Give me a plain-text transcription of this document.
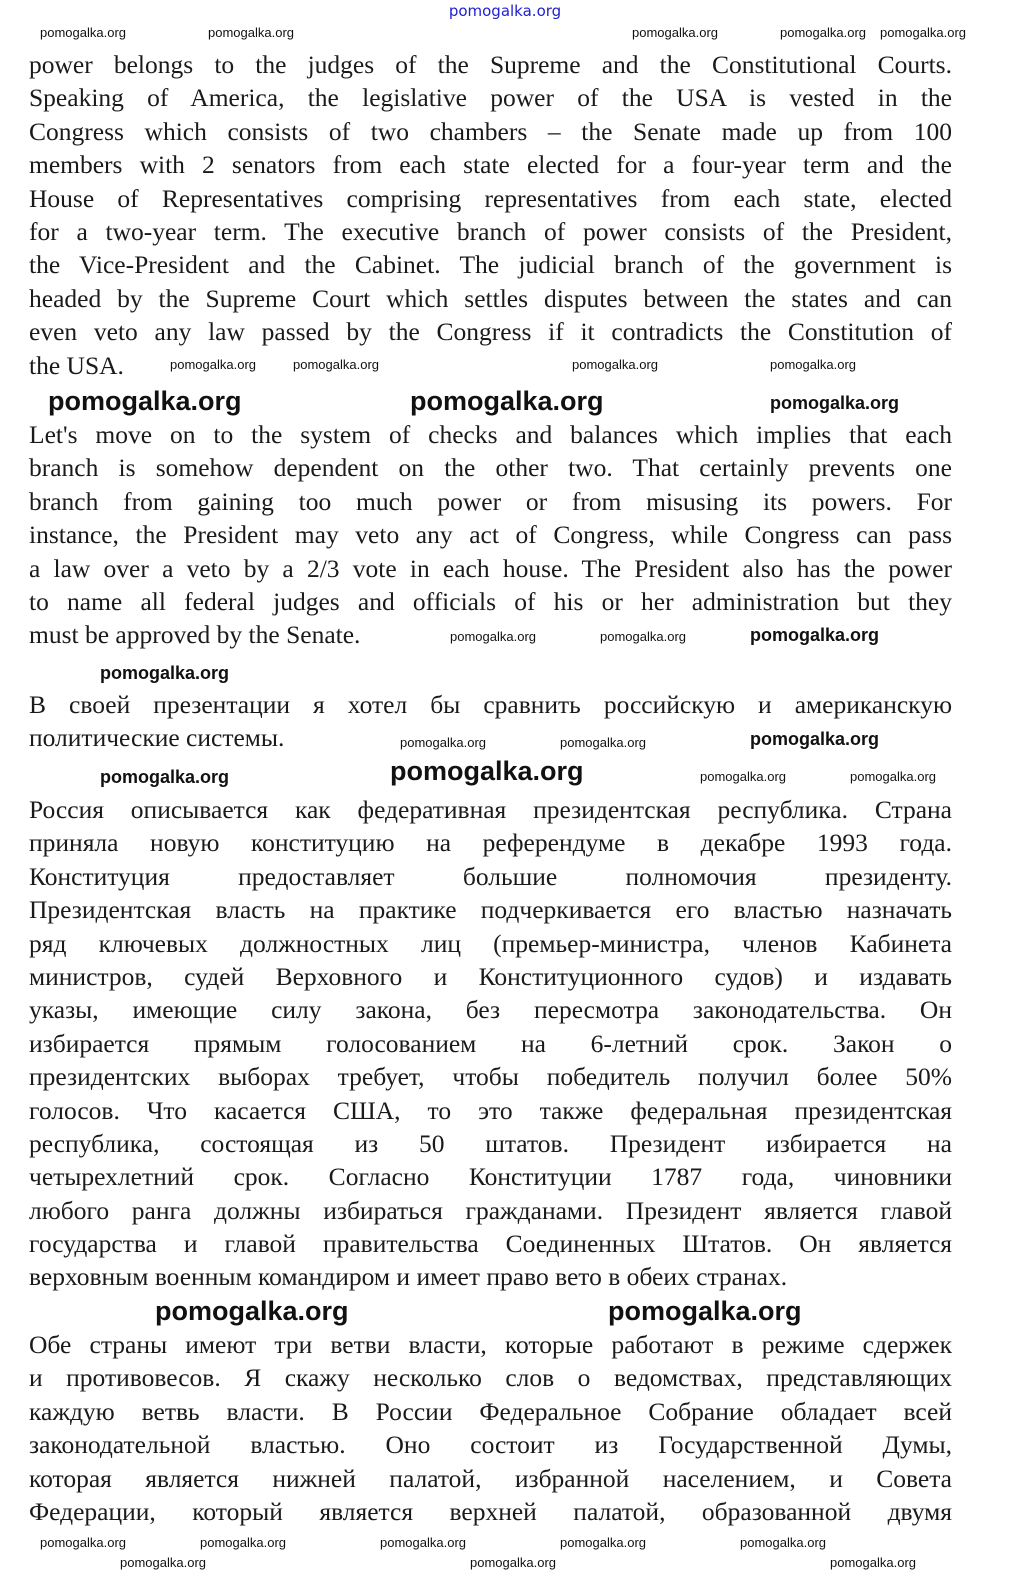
pomogalka.org
power belongs to the judges of the Supreme and the Constitutional Courts.
Speaking of America, the legislative power of the USA is vested in the
Congress which consists of two chambers – the Senate made up from 100
members with 2 senators from each state elected for a four-year term and the
House of Representatives comprising representatives from each state, elected
for a two-year term. The executive branch of power consists of the President,
the Vice-President and the Cabinet. The judicial branch of the government is
headed by the Supreme Court which settles disputes between the states and can
even veto any law passed by the Congress if it contradicts the Constitution of
the USA.
Let's move on to the system of checks and balances which implies that each
branch is somehow dependent on the other two. That certainly prevents one
branch from gaining too much power or from misusing its powers. For
instance, the President may veto any act of Congress, while Congress can pass
a law over a veto by a 2/3 vote in each house. The President also has the power
to name all federal judges and officials of his or her administration but they
must be approved by the Senate.
В своей презентации я хотел бы сравнить российскую и американскую
политические системы.
Россия описывается как федеративная президентская республика. Страна
приняла новую конституцию на референдуме в декабре 1993 года.
Конституция предоставляет большие полномочия президенту.
Президентская власть на практике подчеркивается его властью назначать
ряд ключевых должностных лиц (премьер-министра, членов Кабинета
министров, судей Верховного и Конституционного судов) и издавать
указы, имеющие силу закона, без пересмотра законодательства. Он
избирается прямым голосованием на 6-летний срок. Закон о
президентских выборах требует, чтобы победитель получил более 50%
голосов. Что касается США, то это также федеральная президентская
республика, состоящая из 50 штатов. Президент избирается на
четырехлетний срок. Согласно Конституции 1787 года, чиновники
любого ранга должны избираться гражданами. Президент является главой
государства и главой правительства Соединенных Штатов. Он является
верховным военным командиром и имеет право вето в обеих странах.
Обе страны имеют три ветви власти, которые работают в режиме сдержек
и противовесов. Я скажу несколько слов о ведомствах, представляющих
каждую ветвь власти. В России Федеральное Собрание обладает всей
законодательной властью. Оно состоит из Государственной Думы,
которая является нижней палатой, избранной населением, и Совета
Федерации, который является верхней палатой, образованной двумя
pomogalka.org	pomogalka.org
pomogalka.org
pomogalka.org	pomogalka.org
pomogalka.org
pomogalka.org
pomogalka.org
pomogalka.org
pomogalka.org
pomogalka.org	pomogalka.org	pomogalka.org	pomogalka.org pomogalka.org
pomogalka.org	pomogalka.org	pomogalka.org	pomogalka.org
pomogalka.org	pomogalka.org
pomogalka.org	pomogalka.org
pomogalka.org	pomogalka.org
pomogalka.org	pomogalka.org	pomogalka.org	pomogalka.org	pomogalka.org
pomogalka.org	pomogalka.org	pomogalka.org
